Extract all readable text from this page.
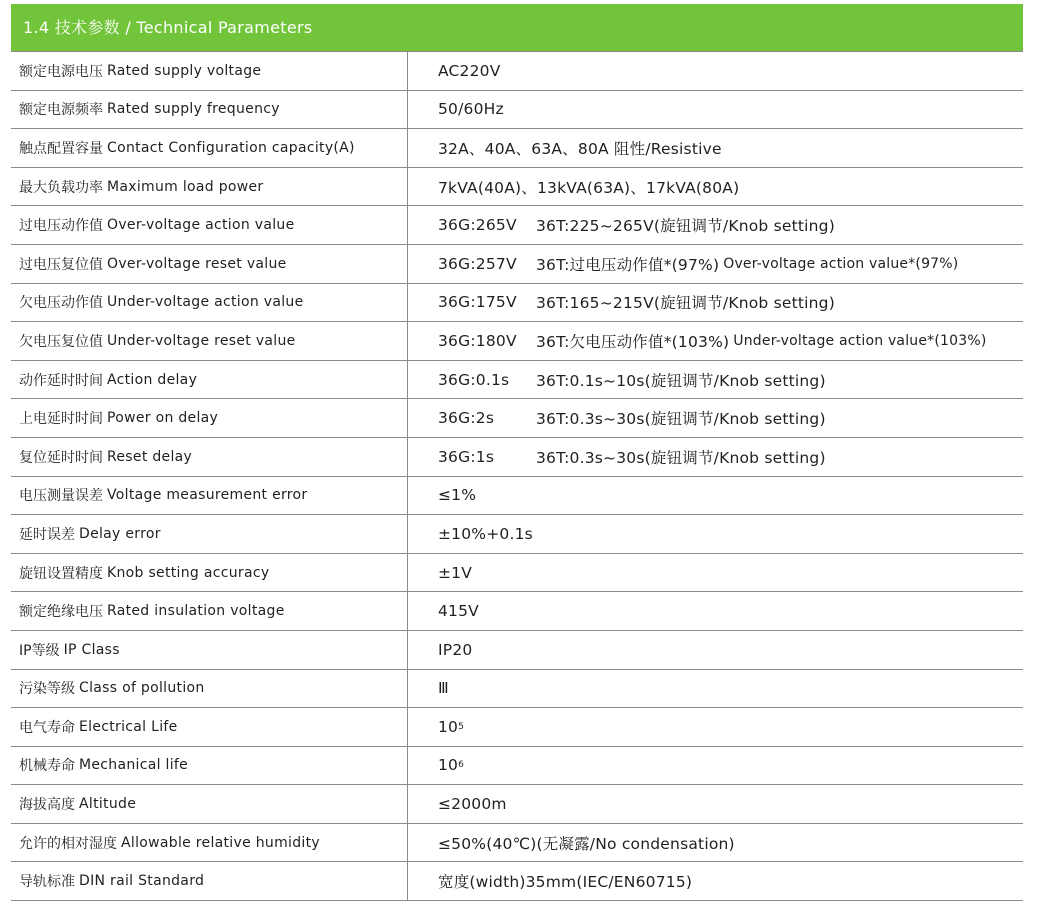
1.4 技术参数 / Technical Parameters
额定电源电压 Rated supply voltage	AC220V
额定电源频率 Rated supply frequency	50/60Hz
触点配置容量 Contact Configuration capacity(A)	32A、40A、63A、80A 阻性/Resistive
最大负载功率 Maximum load power	7kVA(40A)、13kVA(63A)、17kVA(80A)
过电压动作值 Over-voltage action value	36G:265V	36T:225~265V(旋钮调节/Knob setting)
过电压复位值 Over-voltage reset value	36G:257V	36T:过电压动作值*(97%) Over-voltage action value*(97%)
欠电压动作值 Under-voltage action value	36G:175V	36T:165~215V(旋钮调节/Knob setting)
欠电压复位值 Under-voltage reset value	36G:180V	36T:欠电压动作值*(103%) Under-voltage action value*(103%)
动作延时时间 Action delay	36G:0.1s	36T:0.1s~10s(旋钮调节/Knob setting)
上电延时时间 Power on delay	36G:2s	36T:0.3s~30s(旋钮调节/Knob setting)
复位延时时间 Reset delay	36G:1s	36T:0.3s~30s(旋钮调节/Knob setting)
电压测量误差 Voltage measurement error	≤1%
延时误差 Delay error	±10%+0.1s
旋钮设置精度 Knob setting accuracy	±1V
额定绝缘电压 Rated insulation voltage	415V
IP等级 IP Class	IP20
污染等级 Class of pollution	Ⅲ
电气寿命 Electrical Life	10 5
机械寿命 Mechanical life	10 6
海拔高度 Altitude	≤2000m
允许的相对湿度 Allowable relative humidity	≤50%(40℃)(无凝露/No condensation)
导轨标准 DIN rail Standard	宽度(width)35mm(IEC/EN60715)
